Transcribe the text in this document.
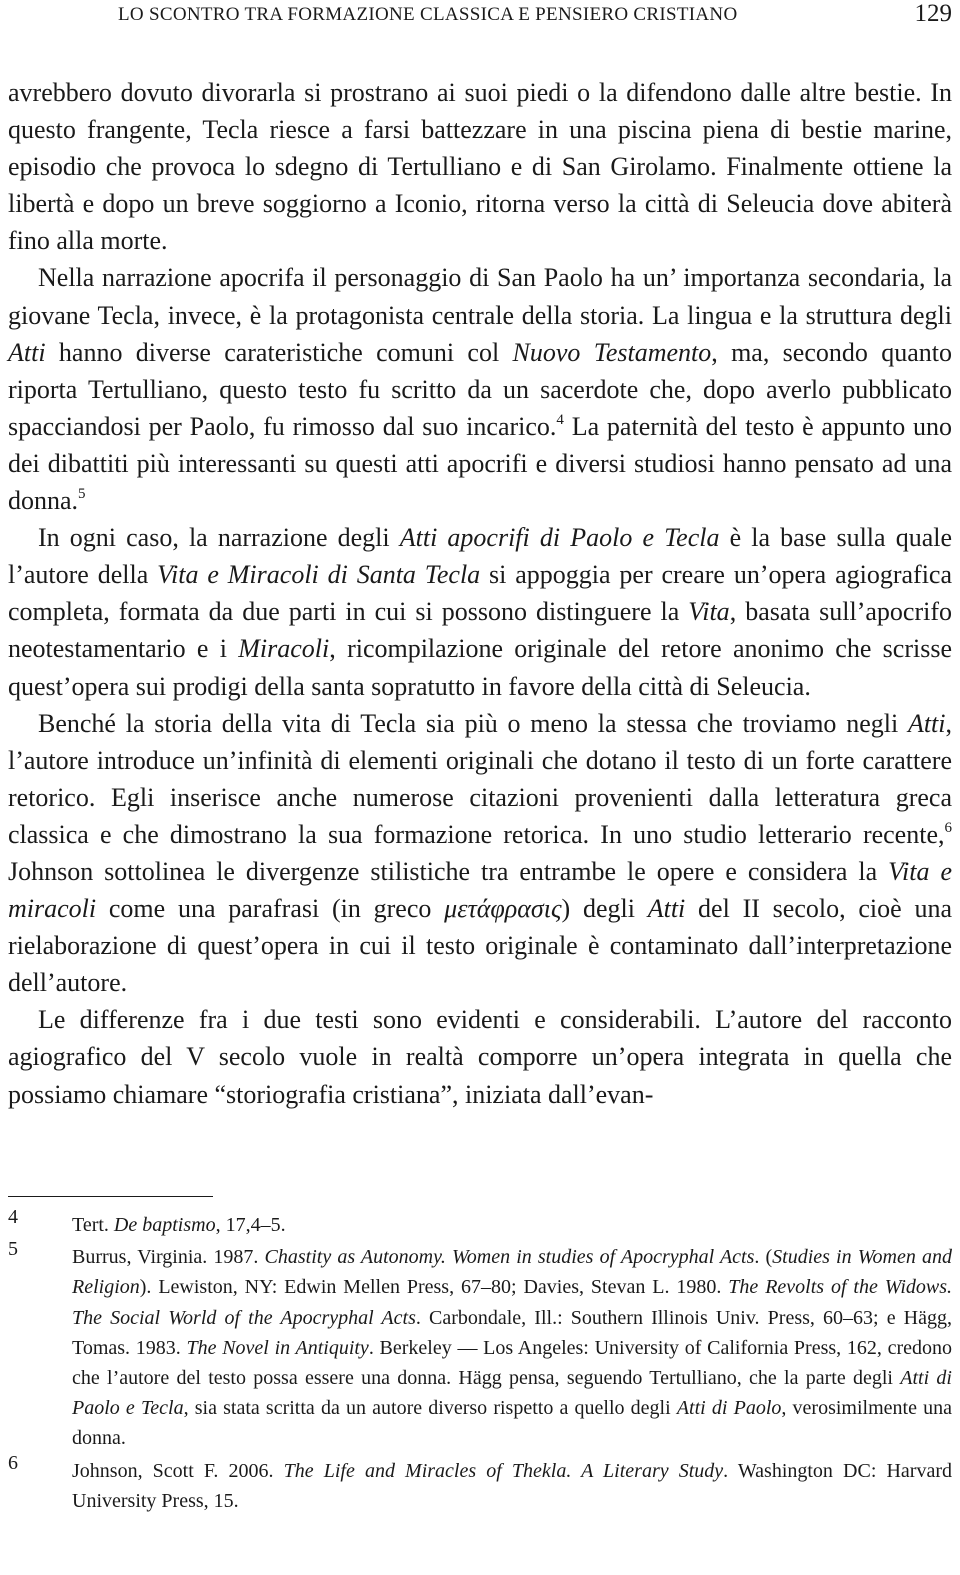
LO SCONTRO TRA FORMAZIONE CLASSICA E PENSIERO CRISTIANO	129

avrebbero dovuto divorarla si prostrano ai suoi piedi o la difendono dalle altre bestie. In questo frangente, Tecla riesce a farsi battezzare in una piscina piena di bestie marine, episodio che provoca lo sdegno di Tertulliano e di San Girolamo. Finalmente ottiene la libertà e dopo un breve soggiorno a Iconio, ritorna verso la città di Seleucia dove abiterà fino alla morte.

Nella narrazione apocrifa il personaggio di San Paolo ha un’ importanza secondaria, la giovane Tecla, invece, è la protagonista centrale della storia. La lingua e la struttura degli Atti hanno diverse carateristiche comuni col Nuovo Testamento, ma, secondo quanto riporta Tertulliano, questo testo fu scritto da un sacerdote che, dopo averlo pubblicato spacciandosi per Paolo, fu rimosso dal suo incarico.$^4$ La paternità del testo è appunto uno dei dibattiti più interessanti su questi atti apocrifi e diversi studiosi hanno pensato ad una donna.$^5$

In ogni caso, la narrazione degli Atti apocrifi di Paolo e Tecla è la base sulla quale l’autore della Vita e Miracoli di Santa Tecla si appoggia per creare un’opera agiografica completa, formata da due parti in cui si possono distinguere la Vita, basata sull’apocrifo neotestamentario e i Miracoli, ricompilazione originale del retore anonimo che scrisse quest’opera sui prodigi della santa sopratutto in favore della città di Seleucia.

Benché la storia della vita di Tecla sia più o meno la stessa che troviamo negli Atti, l’autore introduce un’infinità di elementi originali che dotano il testo di un forte carattere retorico. Egli inserisce anche numerose citazioni provenienti dalla letteratura greca classica e che dimostrano la sua formazione retorica. In uno studio letterario recente,$^6$ Johnson sottolinea le divergenze stilistiche tra entrambe le opere e considera la Vita e miracoli come una parafrasi (in greco μετάφρασις) degli Atti del II secolo, cioè una rielaborazione di quest’opera in cui il testo originale è contaminato dall’interpretazione dell’autore.

Le differenze fra i due testi sono evidenti e considerabili. L’autore del racconto agiografico del V secolo vuole in realtà comporre un’opera integrata in quella che possiamo chiamare “storiografia cristiana”, iniziata dall’evan-

4	Tert. De baptismo, 17,4–5.
5	Burrus, Virginia. 1987. Chastity as Autonomy. Women in studies of Apocryphal Acts. (Studies in Women and Religion). Lewiston, NY: Edwin Mellen Press, 67–80; Davies, Stevan L. 1980. The Revolts of the Widows. The Social World of the Apocryphal Acts. Carbondale, Ill.: Southern Illinois Univ. Press, 60–63; e Hägg, Tomas. 1983. The Novel in Antiquity. Berkeley — Los Angeles: University of California Press, 162, credono che l’autore del testo possa essere una donna. Hägg pensa, seguendo Tertulliano, che la parte degli Atti di Paolo e Tecla, sia stata scritta da un autore diverso rispetto a quello degli Atti di Paolo, verosimilmente una donna.
6	Johnson, Scott F. 2006. The Life and Miracles of Thekla. A Literary Study. Washington DC: Harvard University Press, 15.
